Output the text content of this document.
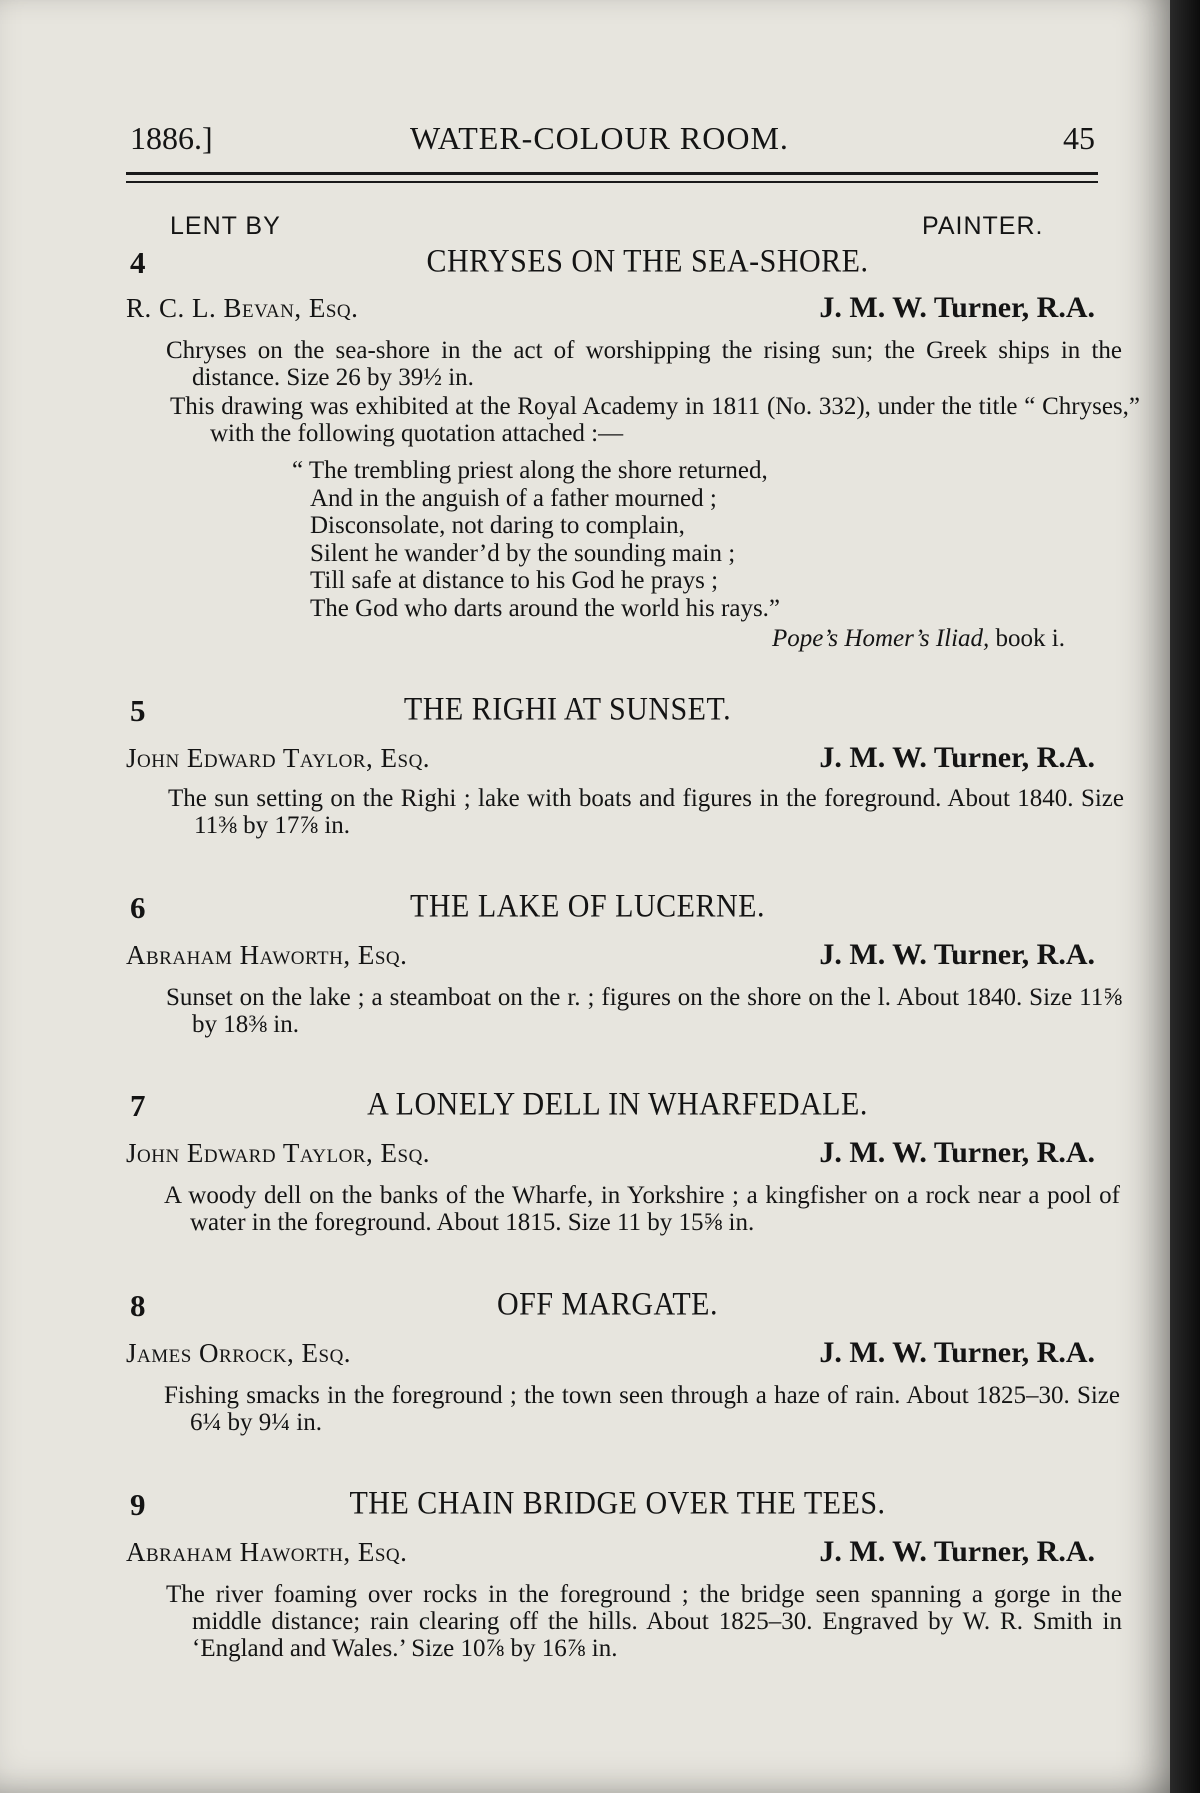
1886.]	WATER-COLOUR ROOM.	45
LENT BY	PAINTER.
4	CHRYSES ON THE SEA-SHORE.
R. C. L. Bevan, Esq.	J. M. W. Turner, R.A.
Chryses on the sea-shore in the act of worshipping the rising sun; the Greek ships in the distance. Size 26 by 39½ in.
This drawing was exhibited at the Royal Academy in 1811 (No. 332), under the title “ Chryses,” with the following quotation attached :—
“ The trembling priest along the shore returned,
And in the anguish of a father mourned ;
Disconsolate, not daring to complain,
Silent he wander’d by the sounding main ;
Till safe at distance to his God he prays ;
The God who darts around the world his rays.”
Pope’s Homer’s Iliad, book i.
5	THE RIGHI AT SUNSET.
John Edward Taylor, Esq.	J. M. W. Turner, R.A.
The sun setting on the Righi ; lake with boats and figures in the foreground. About 1840. Size 11⅜ by 17⅞ in.
6	THE LAKE OF LUCERNE.
Abraham Haworth, Esq.	J. M. W. Turner, R.A.
Sunset on the lake ; a steamboat on the r. ; figures on the shore on the l. About 1840. Size 11⅝ by 18⅜ in.
7	A LONELY DELL IN WHARFEDALE.
John Edward Taylor, Esq.	J. M. W. Turner, R.A.
A woody dell on the banks of the Wharfe, in Yorkshire ; a kingfisher on a rock near a pool of water in the foreground. About 1815. Size 11 by 15⅝ in.
8	OFF MARGATE.
James Orrock, Esq.	J. M. W. Turner, R.A.
Fishing smacks in the foreground ; the town seen through a haze of rain. About 1825–30. Size 6¼ by 9¼ in.
9	THE CHAIN BRIDGE OVER THE TEES.
Abraham Haworth, Esq.	J. M. W. Turner, R.A.
The river foaming over rocks in the foreground ; the bridge seen spanning a gorge in the middle distance; rain clearing off the hills. About 1825–30. Engraved by W. R. Smith in ‘England and Wales.’ Size 10⅞ by 16⅞ in.
